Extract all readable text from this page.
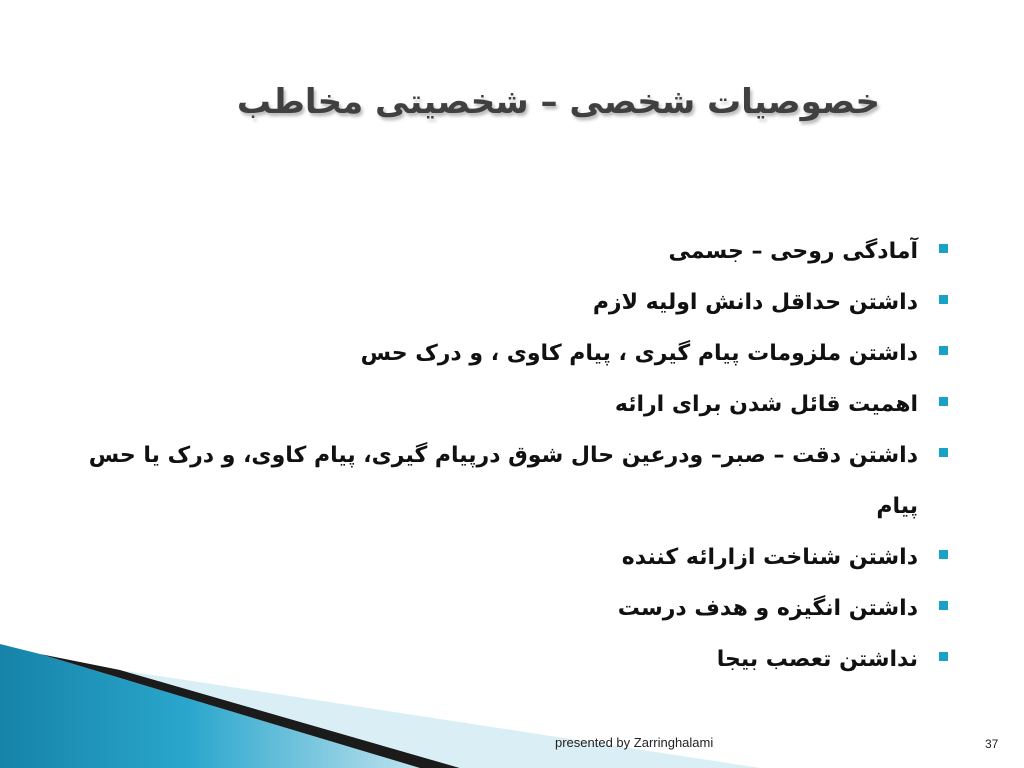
خصوصیات شخصی – شخصیتی مخاطب
آمادگی روحی – جسمی
داشتن حداقل دانش اولیه لازم
داشتن ملزومات پیام گیری ، پیام کاوی ، و درک حس
اهمیت قائل شدن برای ارائه
داشتن دقت – صبر– ودرعین حال شوق درپیام گیری، پیام کاوی، و درک یا حس پیام
داشتن شناخت ازارائه کننده
داشتن انگیزه و هدف درست
نداشتن تعصب بیجا
presented by Zarringhalami	37
